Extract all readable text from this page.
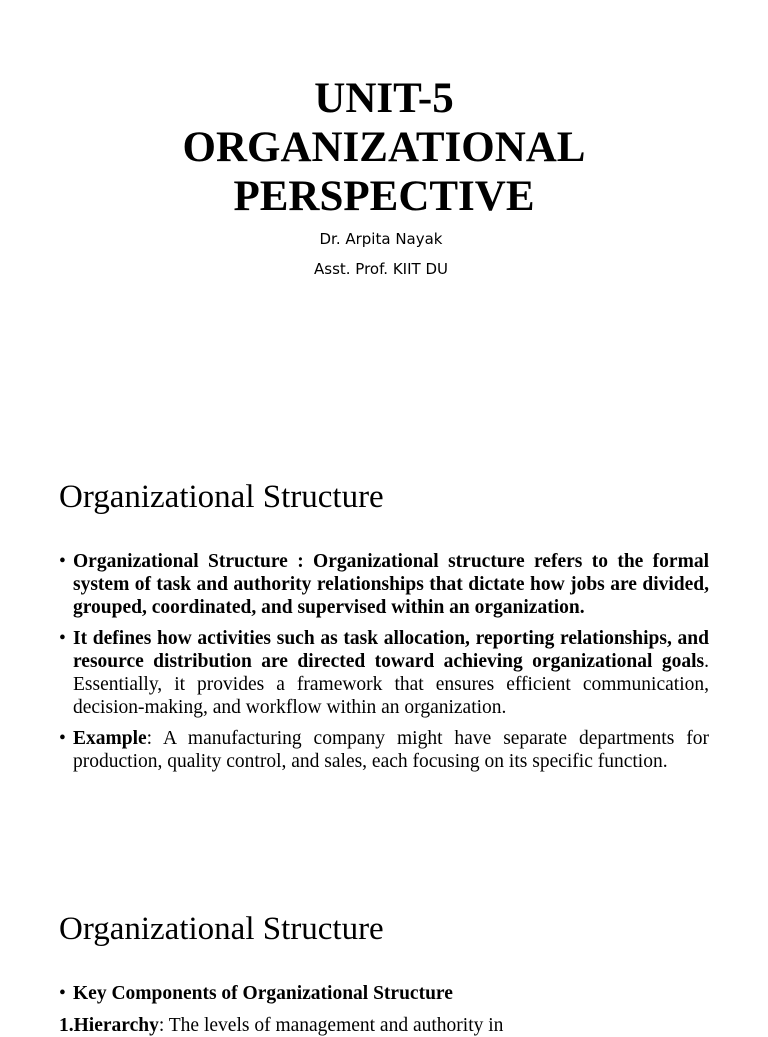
UNIT-5
ORGANIZATIONAL
PERSPECTIVE

Dr. Arpita Nayak

Asst. Prof. KIIT DU

Organizational Structure
• Organizational Structure : Organizational structure refers to the formal system of task and authority relationships that dictate how jobs are divided, grouped, coordinated, and supervised within an organization.
• It defines how activities such as task allocation, reporting relationships, and resource distribution are directed toward achieving organizational goals. Essentially, it provides a framework that ensures efficient communication, decision-making, and workflow within an organization.
• Example: A manufacturing company might have separate departments for production, quality control, and sales, each focusing on its specific function.
Organizational Structure
• Key Components of Organizational Structure

1.Hierarchy: The levels of management and authority in
